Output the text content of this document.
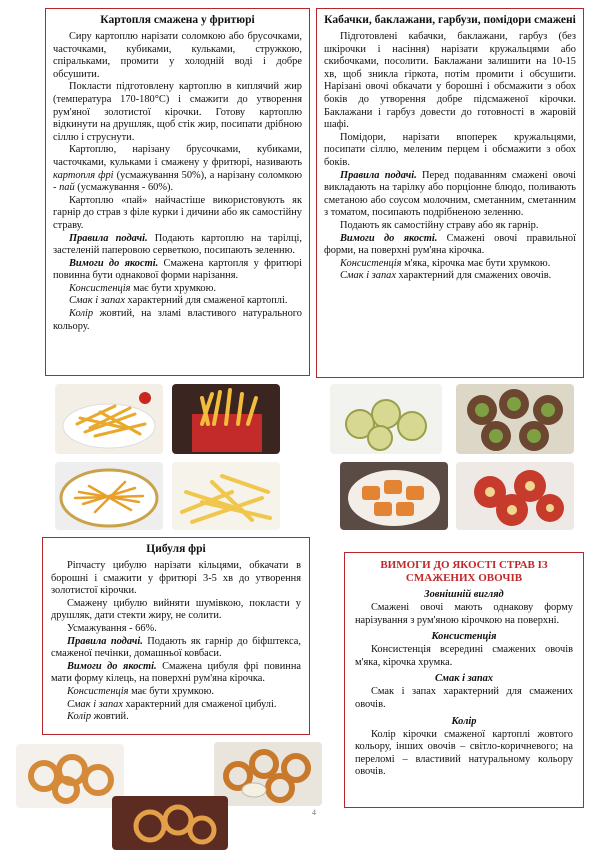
Картопля смажена у фритюрі

Сиру картоплю нарізати соломкою або брусочками, часточками, кубиками, кульками, стружкою, спіральками, промити у холодній воді і добре обсушити.

Покласти підготовлену картоплю в киплячий жир (температура 170-180°С) і смажити до утворення рум'яної золотистої кірочки. Готову картоплю відкинути на друшляк, щоб стік жир, посипати дрібною сіллю і струснути.

Картоплю, нарізану брусочками, кубиками, часточками, кульками і смажену у фритюрі, називають картопля фрі (усмажування 50%), а нарізану соломкою - пай (усмажування - 60%).

Картоплю «пай» найчастіше використовують як гарнір до страв з філе курки і дичини або як самостійну страву.

Правила подачі. Подають картоплю на тарілці, застеленій паперовою серветкою, посипають зеленню.

Вимоги до якості. Смажена картопля у фритюрі повинна бути однакової форми нарізання.

Консистенція має бути хрумкою.

Смак і запах характерний для смаженої картоплі.

Колір жовтий, на зламі властивого натурального кольору.

Кабачки, баклажани, гарбузи, помідори смажені

Підготовлені кабачки, баклажани, гарбуз (без шкірочки і насіння) нарізати кружальцями або скибочками, посолити. Баклажани залишити на 10-15 хв, щоб зникла гіркота, потім промити і обсушити. Нарізані овочі обкачати у борошні і обсмажити з обох боків до утворення добре підсмаженої кірочки. Баклажани і гарбуз довести до готовності в жаровій шафі.

Помідори, нарізати впоперек кружальцями, посипати сіллю, меленим перцем і обсмажити з обох боків.

Правила подачі. Перед подаванням смажені овочі викладають на тарілку або порціонне блюдо, поливають сметаною або соусом молочним, сметанним, сметанним з томатом, посипають подрібненою зеленню.

Подають як самостійну страву або як гарнір.

Вимоги до якості. Смажені овочі правильної форми, на поверхні рум'яна кірочка.

Консистенція м'яка, кірочка має бути хрумкою.

Смак і запах характерний для смажених овочів.

Цибуля фрі

Ріпчасту цибулю нарізати кільцями, обкачати в борошні і смажити у фритюрі 3-5 хв до утворення золотистої кірочки.

Смажену цибулю вийняти шумівкою, покласти у друшляк, дати стекти жиру, не солити.

Усмажування - 66%.

Правила подачі. Подають як гарнір до біфштекса, смаженої печінки, домашньої ковбаси.

Вимоги до якості. Смажена цибуля фрі повинна мати форму кілець, на поверхні рум'яна кірочка.

Консистенція має бути хрумкою.

Смак і запах характерний для смаженої цибулі.

Колір жовтий.

ВИМОГИ ДО ЯКОСТІ СТРАВ ІЗ СМАЖЕНИХ ОВОЧІВ

Зовнішній вигляд

Смажені овочі мають однакову форму нарізування з рум'яною кірочкою на поверхні.

Консистенція

Консистенція всередині смажених овочів м'яка, кірочка хрумка.

Смак і запах

Смак і запах характерний для смажених овочів.

Колір

Колір кірочки смаженої картоплі жовтого кольору, інших овочів – світло-коричневого; на переломі – властивий натуральному кольору овочів.

4
